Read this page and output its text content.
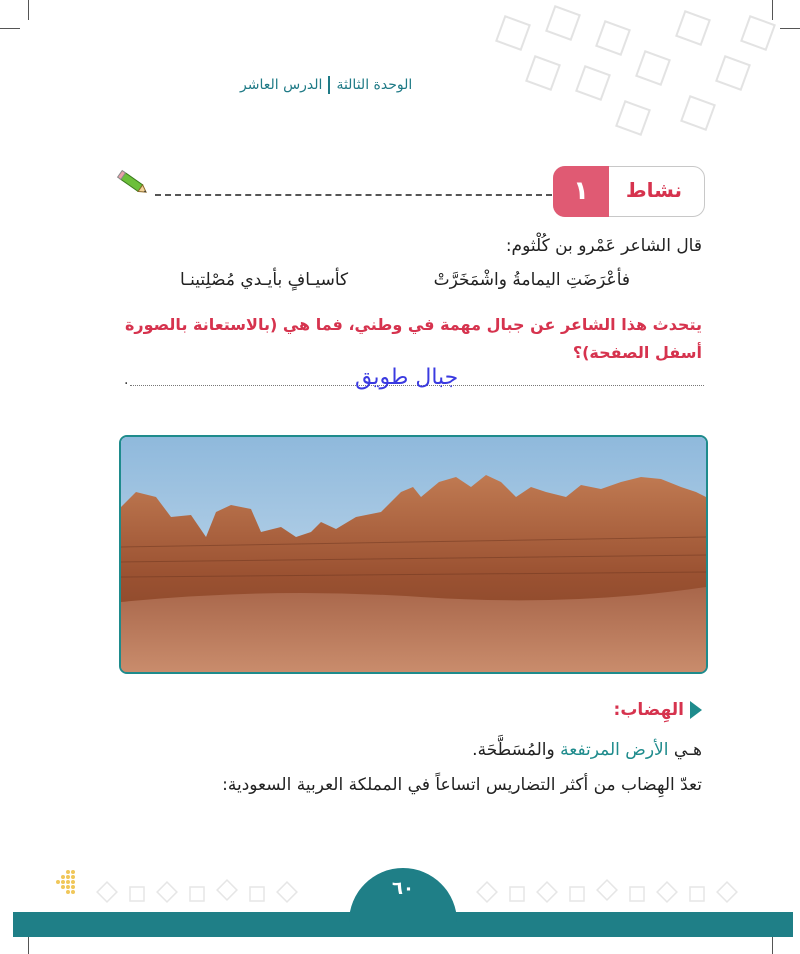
الوحدة الثالثةالدرس العاشر
نشاط
١
قال الشاعر عَمْرو بن كُلْثوم:
فأعْرَضَتِ اليمامةُ واشْمَخَرَّتْ
كأسيـافٍ بأيـدي مُصْلِتينـا
يتحدث هذا الشاعر عن جبال مهمة في وطني، فما هي (بالاستعانة بالصورة أسفل الصفحة)؟
.	جبال طويق
الهِضاب:
هـي الأرض المرتفعة والمُسَطَّحَة.
تعدّ الهِضاب من أكثر التضاريس اتساعاً في المملكة العربية السعودية:
٦٠
